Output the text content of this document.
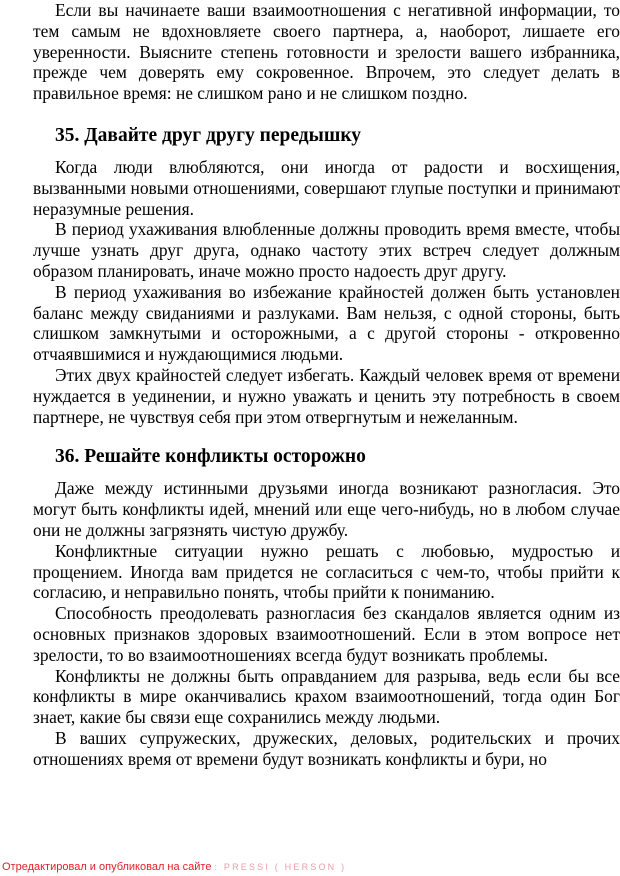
Если вы начинаете ваши взаимоотношения с негативной информации, то тем самым не вдохновляете своего партнера, а, наоборот, лишаете его уверенности. Выясните степень готовности и зрелости вашего избранника, прежде чем доверять ему сокровенное. Впрочем, это следует делать в правильное время: не слишком рано и не слишком поздно.

35. Давайте друг другу передышку

Когда люди влюбляются, они иногда от радости и восхищения, вызванными новыми отношениями, совершают глупые поступки и принимают неразумные решения.

В период ухаживания влюбленные должны проводить время вместе, чтобы лучше узнать друг друга, однако частоту этих встреч следует должным образом планировать, иначе можно просто надоесть друг другу.

В период ухаживания во избежание крайностей должен быть установлен баланс между свиданиями и разлуками. Вам нельзя, с одной стороны, быть слишком замкнутыми и осторожными, а с другой стороны - откровенно отчаявшимися и нуждающимися людьми.

Этих двух крайностей следует избегать. Каждый человек время от времени нуждается в уединении, и нужно уважать и ценить эту потребность в своем партнере, не чувствуя себя при этом отвергнутым и нежеланным.

36. Решайте конфликты осторожно

Даже между истинными друзьями иногда возникают разногласия. Это могут быть конфликты идей, мнений или еще чего-нибудь, но в любом случае они не должны загрязнять чистую дружбу.

Конфликтные ситуации нужно решать с любовью, мудростью и прощением. Иногда вам придется не согласиться с чем-то, чтобы прийти к согласию, и неправильно понять, чтобы прийти к пониманию.

Способность преодолевать разногласия без скандалов является одним из основных признаков здоровых взаимоотношений. Если в этом вопросе нет зрелости, то во взаимоотношениях всегда будут возникать проблемы.

Конфликты не должны быть оправданием для разрыва, ведь если бы все конфликты в мире оканчивались крахом взаимоотношений, тогда один Бог знает, какие бы связи еще сохранились между людьми.

В ваших супружеских, дружеских, деловых, родительских и прочих отношениях время от времени будут возникать конфликты и бури, но

Отредактировал и опубликовал на сайте : PRESSI ( HERSON )
